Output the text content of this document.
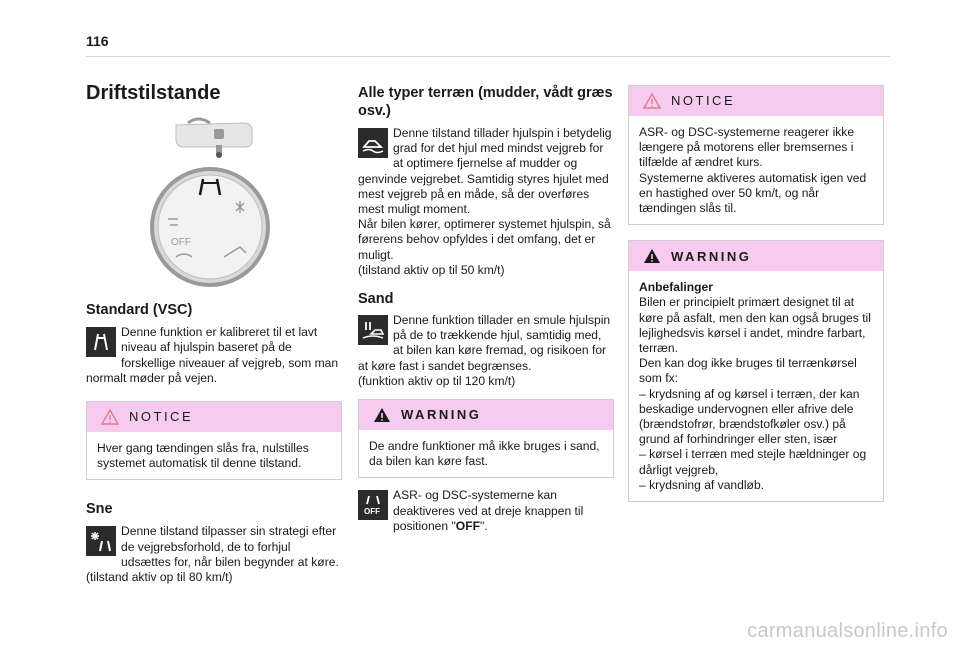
116
Driftstilstande
OFF
Standard (VSC)

Denne funktion er kalibreret til et lavt niveau af hjulspin baseret på de forskellige niveauer af vejgreb, som man normalt møder på vejen.

NOTICE

Hver gang tændingen slås fra, nulstilles systemet automatisk til denne tilstand.

Sne

Denne tilstand tilpasser sin strategi efter de vejgrebsforhold, de to forhjul udsættes for, når bilen begynder at køre.

(tilstand aktiv op til 80 km/t)

Alle typer terræn (mudder, vådt græs osv.)

Denne tilstand tillader hjulspin i betydelig grad for det hjul med mindst vejgreb for at optimere fjernelse af mudder og genvinde vejgrebet. Samtidig styres hjulet med mest vejgreb på en måde, så der overføres mest muligt moment.

Når bilen kører, optimerer systemet hjulspin, så førerens behov opfyldes i det omfang, det er muligt.

(tilstand aktiv op til 50 km/t)

Sand

Denne funktion tillader en smule hjulspin på de to trækkende hjul, samtidig med, at bilen kan køre fremad, og risikoen for at køre fast i sandet begrænses.

(funktion aktiv op til 120 km/t)

WARNING

De andre funktioner må ikke bruges i sand, da bilen kan køre fast.

OFF

ASR- og DSC-systemerne kan deaktiveres ved at dreje knappen til positionen "OFF".

NOTICE

ASR- og DSC-systemerne reagerer ikke længere på motorens eller bremsernes i tilfælde af ændret kurs.

Systemerne aktiveres automatisk igen ved en hastighed over 50 km/t, og når tændingen slås til.

WARNING

Anbefalinger

Bilen er principielt primært designet til at køre på asfalt, men den kan også bruges til lejlighedsvis kørsel i andet, mindre farbart, terræn.

Den kan dog ikke bruges til terrænkørsel som fx:

– krydsning af og kørsel i terræn, der kan beskadige undervognen eller afrive dele (brændstofrør, brændstofkøler osv.) på grund af forhindringer eller sten, især

– kørsel i terræn med stejle hældninger og dårligt vejgreb,

– krydsning af vandløb.

carmanualsonline.info
